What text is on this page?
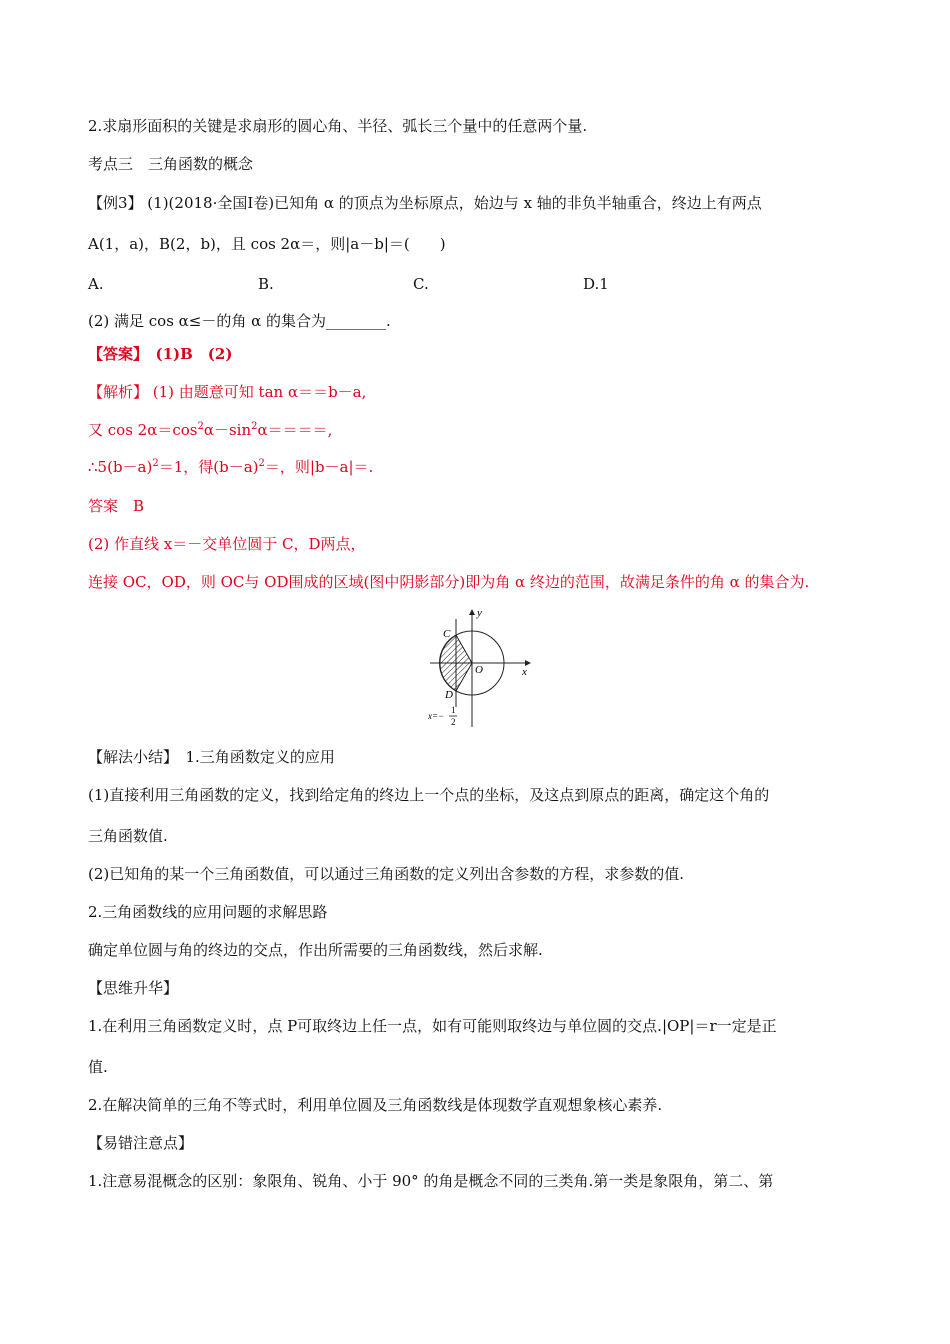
2.求扇形面积的关键是求扇形的圆心角、半径、弧长三个量中的任意两个量.
考点三　三角函数的概念
【例3】 (1)(2018·全国Ⅰ卷)已知角 α 的顶点为坐标原点，始边与 x 轴的非负半轴重合，终边上有两点
A(1，a)，B(2，b)，且 cos 2α＝，则|a－b|＝(　　)
A.	B.	C.	D.1
(2) 满足 cos α≤－的角 α 的集合为________.
【答案】　(1)B　(2)
【解析】 (1) 由题意可知 tan α＝＝b－a,
又 $\cos 2\alpha=\cos^2\alpha-\sin^2\alpha====$,
$\therefore 5(b-a)^2=1$，得$(b-a)^2=$，则|b－a|＝.
答案　B
(2) 作直线 x＝－交单位圆于 C，D两点，
连接 OC，OD，则 OC与 OD围成的区域(图中阴影部分)即为角 α 终边的范围，故满足条件的角 α 的集合为.
C
D
O	x
y
x=−
1
2
【解法小结】　1.三角函数定义的应用
(1)直接利用三角函数的定义，找到给定角的终边上一个点的坐标，及这点到原点的距离，确定这个角的
三角函数值.
(2)已知角的某一个三角函数值，可以通过三角函数的定义列出含参数的方程，求参数的值.
2.三角函数线的应用问题的求解思路
确定单位圆与角的终边的交点，作出所需要的三角函数线，然后求解.
【思维升华】
1.在利用三角函数定义时，点 P可取终边上任一点，如有可能则取终边与单位圆的交点.|OP|＝r一定是正
值.
2.在解决简单的三角不等式时，利用单位圆及三角函数线是体现数学直观想象核心素养.
【易错注意点】
1.注意易混概念的区别：象限角、锐角、小于 90° 的角是概念不同的三类角.第一类是象限角，第二、第
